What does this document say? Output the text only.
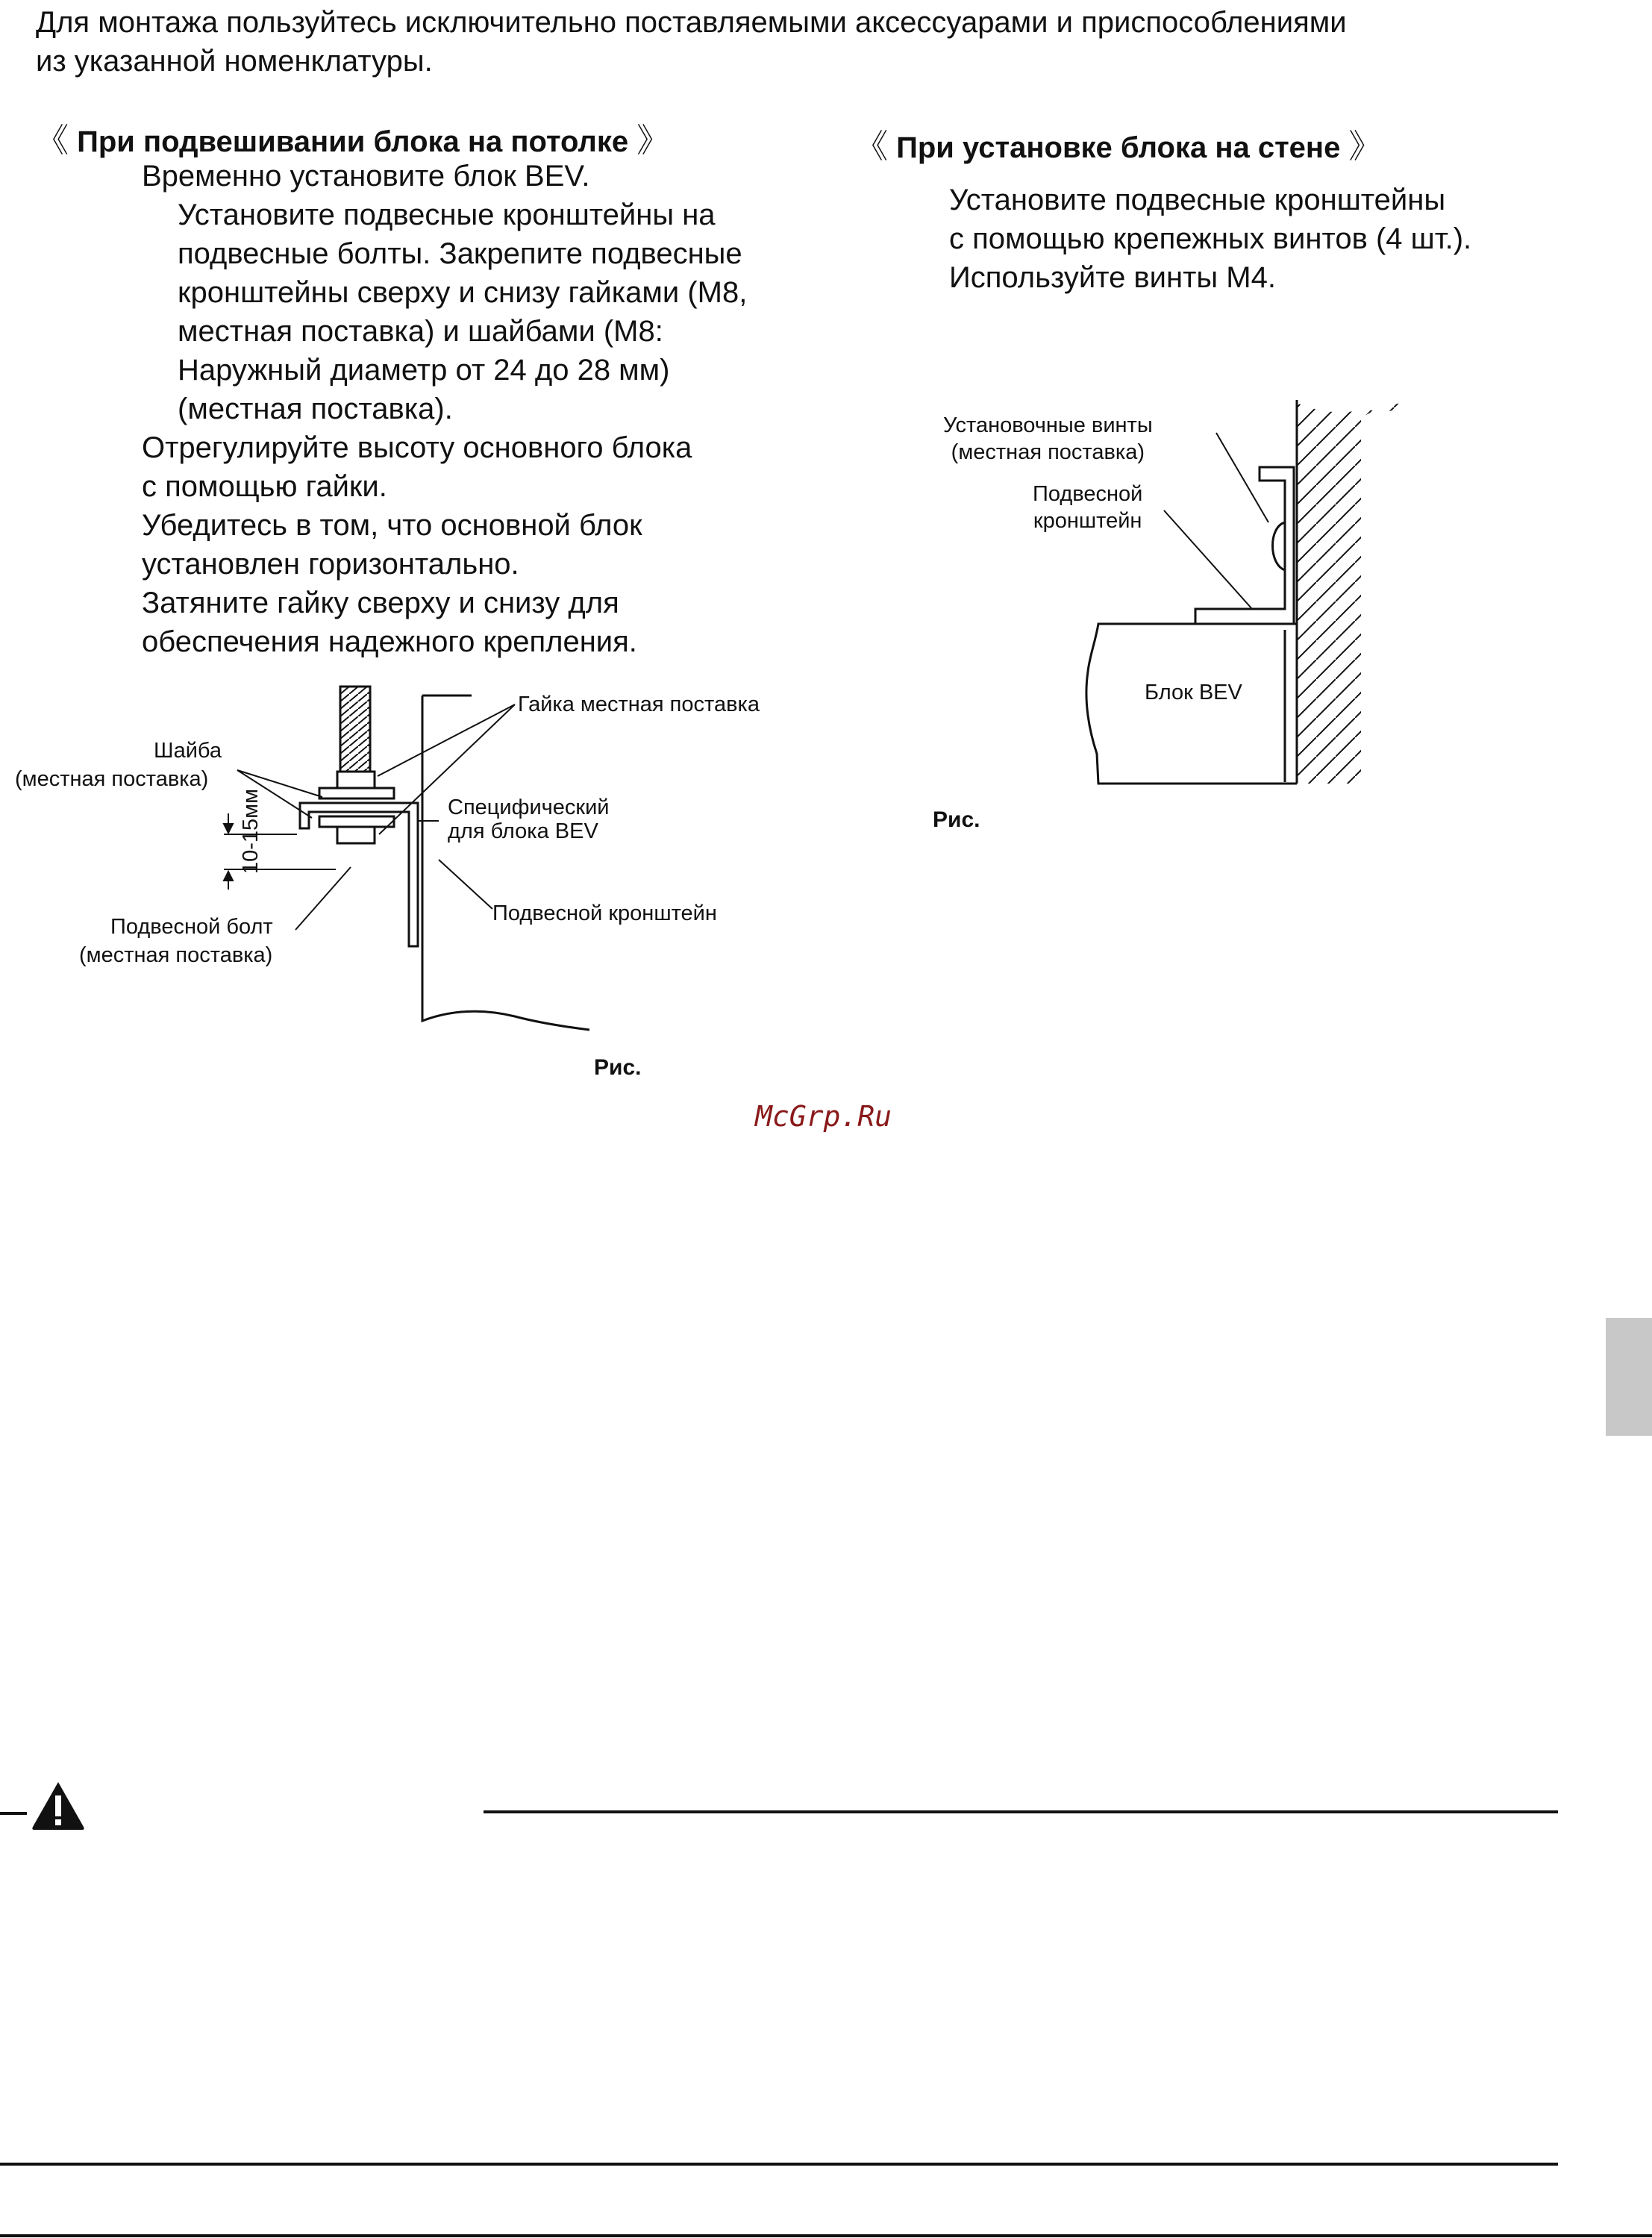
Для монтажа пользуйтесь исключительно поставляемыми аксессуарами и приспособлениями
из указанной номенклатуры.
《 При подвешивании блока на потолке 》
Временно установите блок BEV.
Установите подвесные кронштейны на
подвесные болты. Закрепите подвесные
кронштейны сверху и снизу гайками (M8,
местная поставка) и шайбами (M8:
Наружный диаметр от 24 до 28 мм)
(местная поставка).
Отрегулируйте высоту основного блока
с помощью гайки.
Убедитесь в том, что основной блок
установлен горизонтально.
Затяните гайку сверху и снизу для
обеспечения надежного крепления.
Гайка местная поставка
Шайба
(местная поставка)
Специфический
для блока BEV
Подвесной кронштейн
10-15мм
Подвесной болт
(местная поставка)
Рис.
《 При установке блока на стене 》
Установите подвесные кронштейны
с помощью крепежных винтов (4 шт.).
Используйте винты M4.
Установочные винты
(местная поставка)
Подвесной
кронштейн
Блок BEV
Рис.
McGrp.Ru
